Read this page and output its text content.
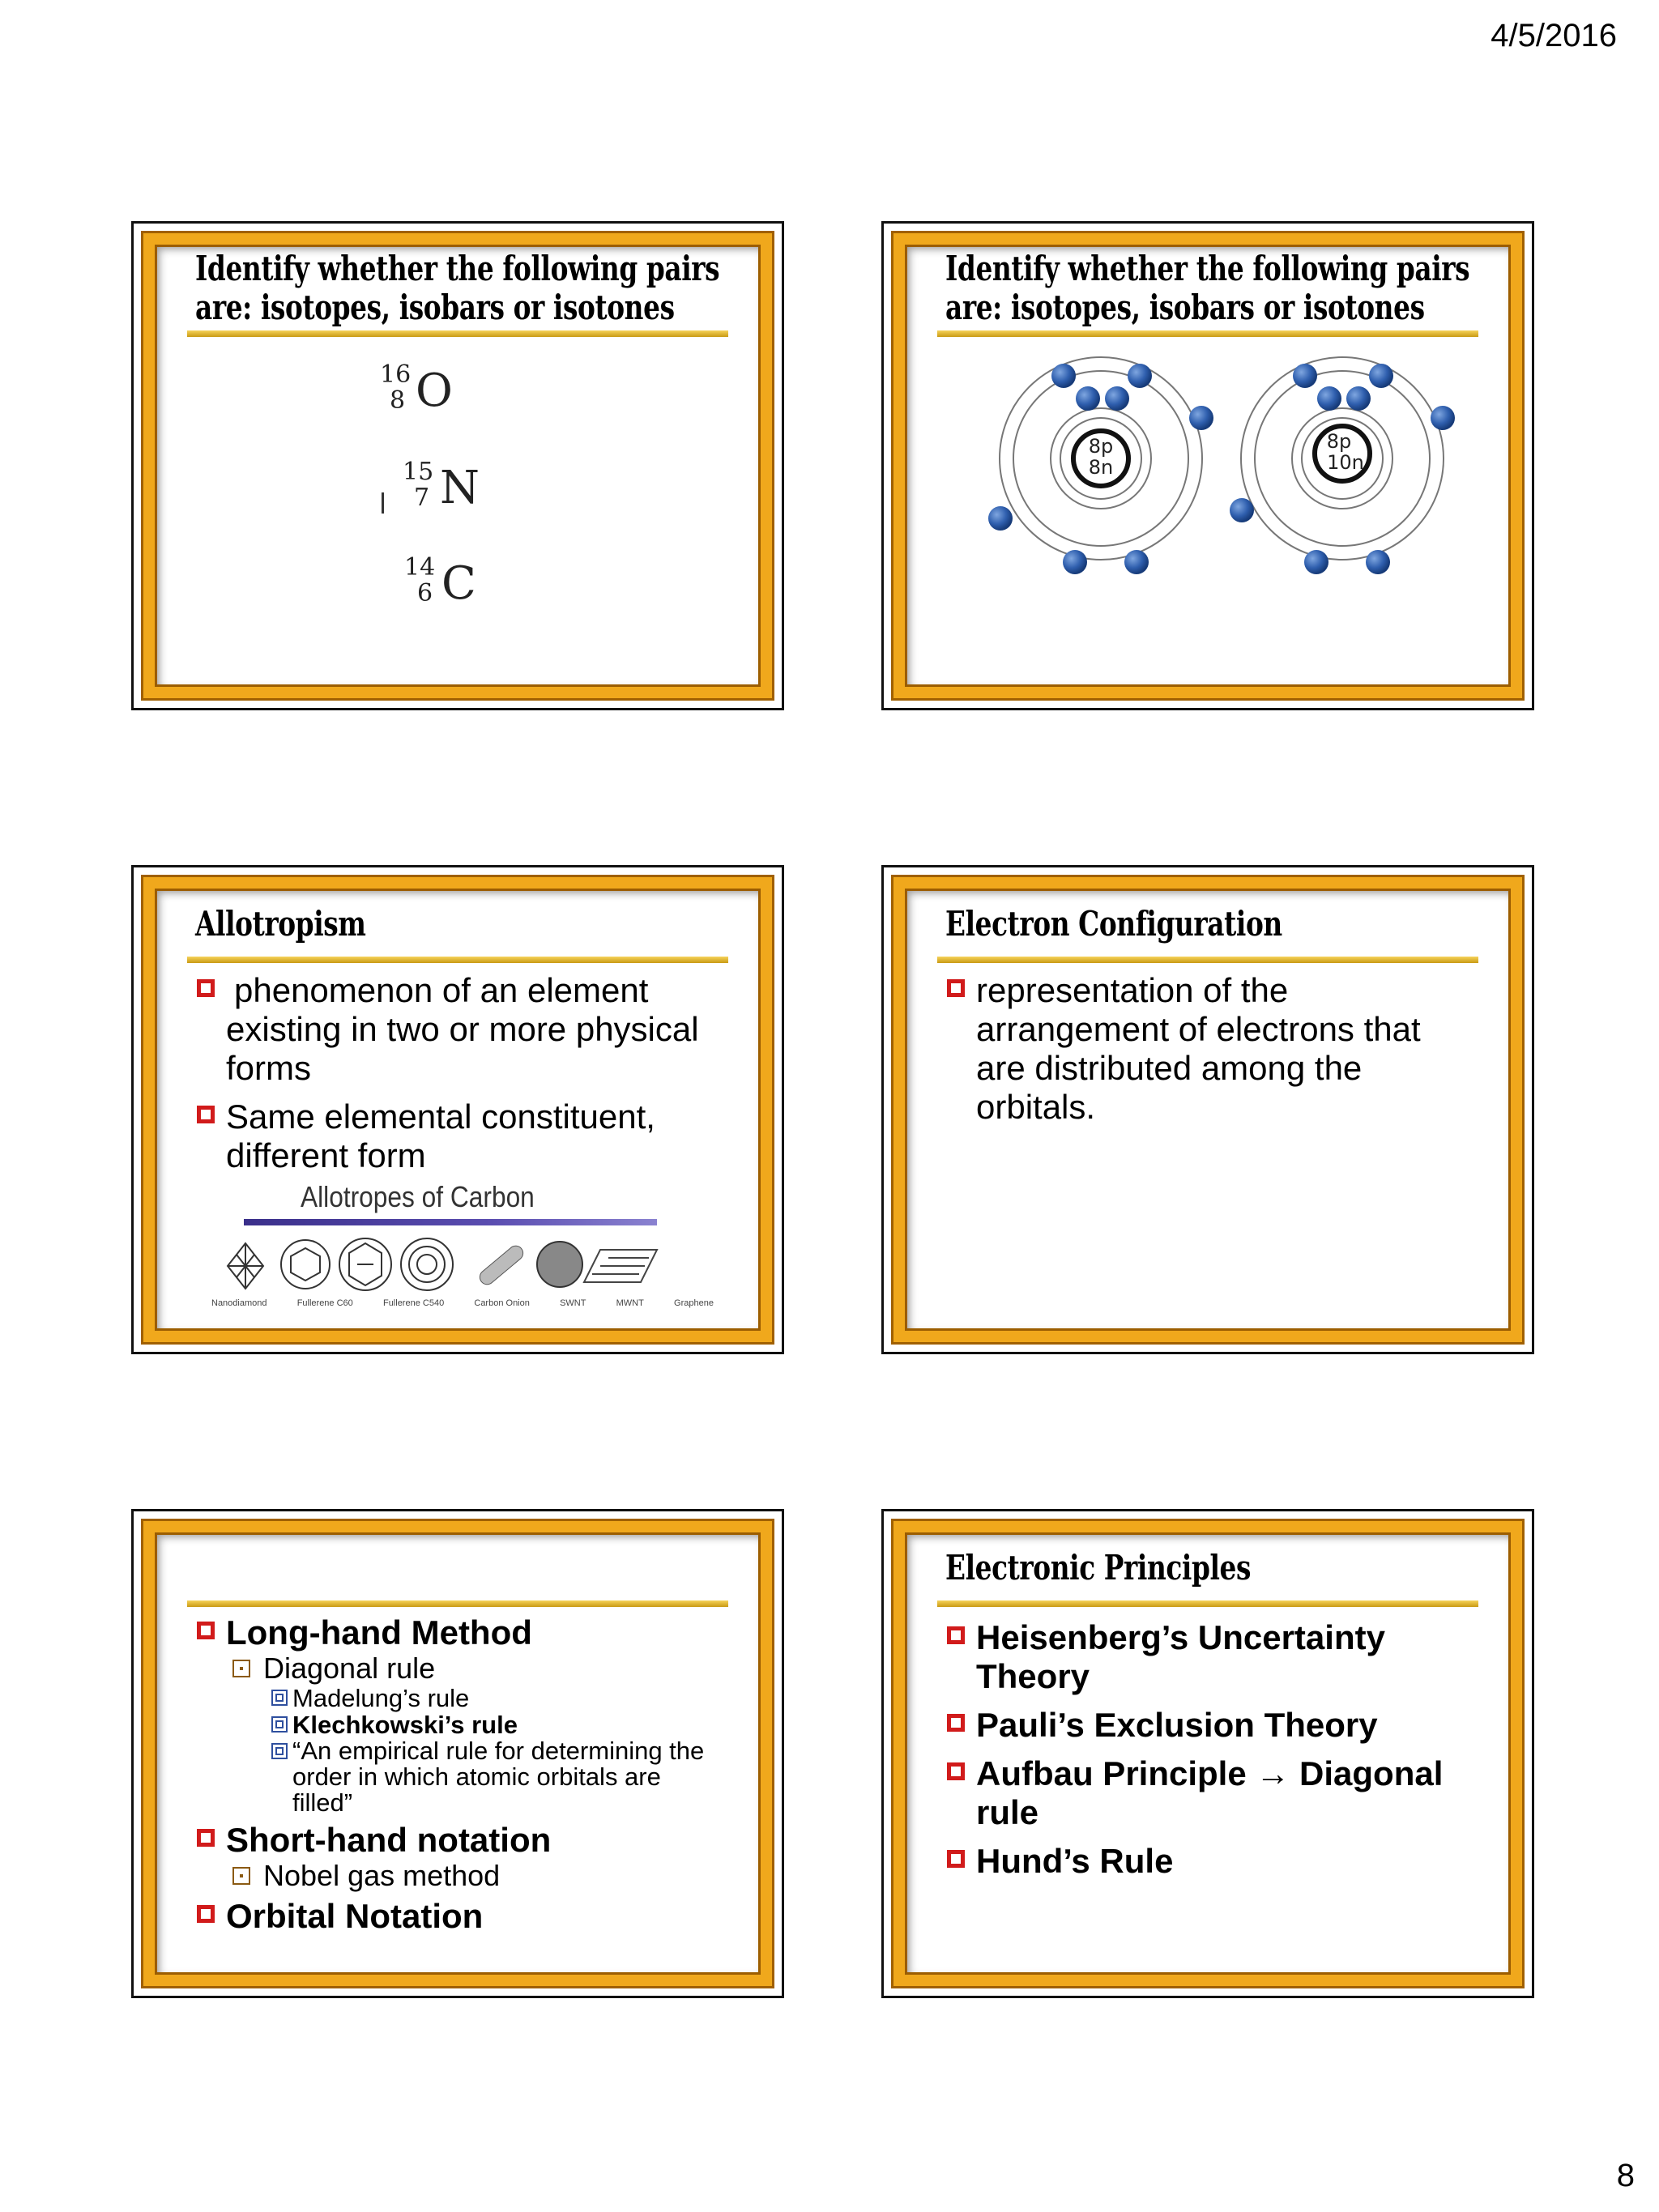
4/5/2016
Identify whether the following pairs
are: isotopes, isobars or isotones
16
8 O
15
7 N
14
6 C
Identify whether the following pairs
are: isotopes, isobars or isotones
8p
8n
8p
10n
Allotropism
phenomenon of an element existing in two or more physical forms
Same elemental constituent, different form
Allotropes of Carbon
Nanodiamond	Fullerene C60	Fullerene C540	Carbon Onion	SWNT	MWNT	Graphene
Electron Configuration
representation of the arrangement of electrons that are distributed among the orbitals.
Long-hand Method
Diagonal rule
Madelung’s rule
Klechkowski’s rule
“An empirical rule for determining the order in which atomic orbitals are filled”
Short-hand notation
Nobel gas method
Orbital Notation
Electronic Principles
Heisenberg’s Uncertainty Theory
Pauli’s Exclusion Theory
Aufbau Principle → Diagonal rule
Hund’s Rule
8
